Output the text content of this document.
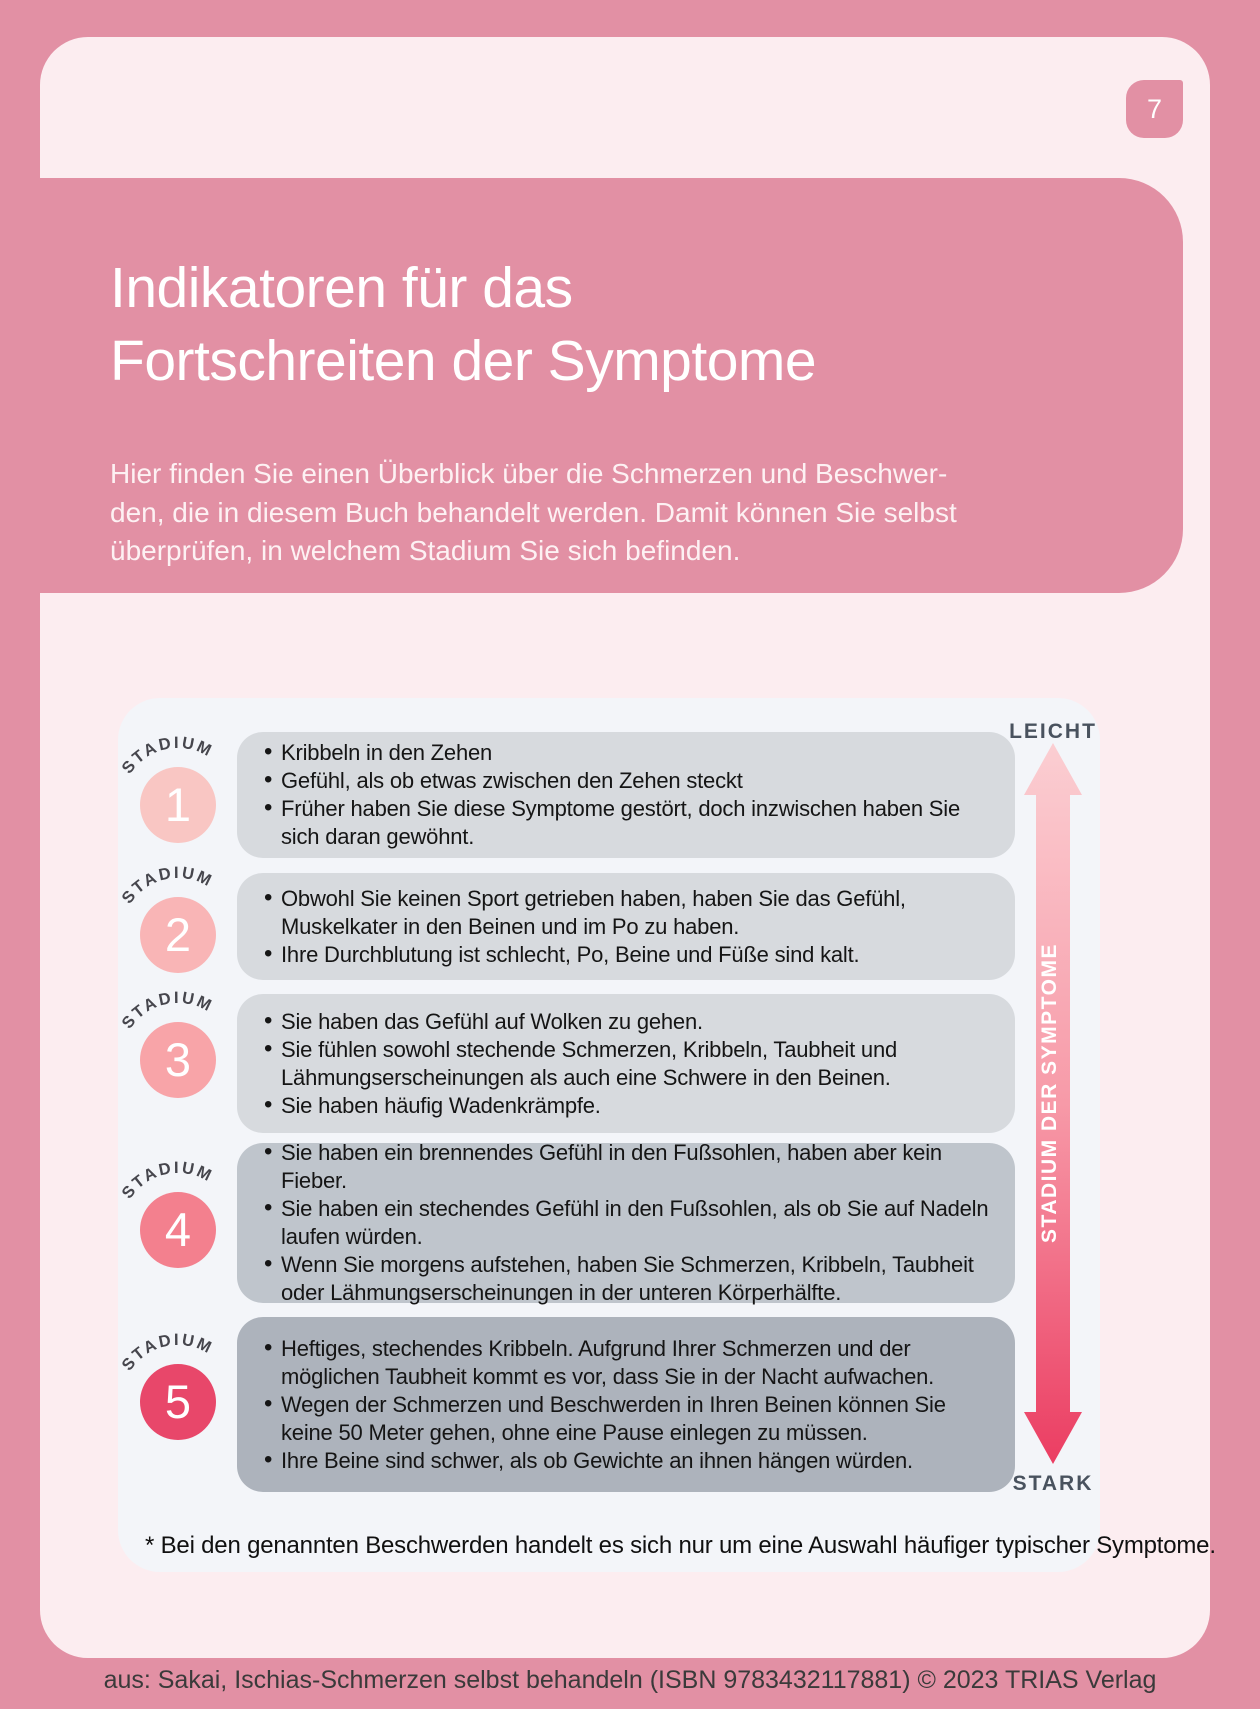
7
Indikatoren für das
Fortschreiten der Symptome
Hier finden Sie einen Überblick über die Schmerzen und Beschwer-
den, die in diesem Buch behandelt werden. Damit können Sie selbst
überprüfen, in welchem Stadium Sie sich befinden.
LEICHT
STADIUM DER SYMPTOME
STARK
STADIUM
1
STADIUM
2
STADIUM
3
STADIUM
4
STADIUM
5
• Kribbeln in den Zehen
• Gefühl, als ob etwas zwischen den Zehen steckt
• Früher haben Sie diese Symptome gestört, doch inzwischen haben Sie sich daran gewöhnt.
• Obwohl Sie keinen Sport getrieben haben, haben Sie das Gefühl, Muskelkater in den Beinen und im Po zu haben.
• Ihre Durchblutung ist schlecht, Po, Beine und Füße sind kalt.
• Sie haben das Gefühl auf Wolken zu gehen.
• Sie fühlen sowohl stechende Schmerzen, Kribbeln, Taubheit und Lähmungserscheinungen als auch eine Schwere in den Beinen.
• Sie haben häufig Wadenkrämpfe.
• Sie haben ein brennendes Gefühl in den Fußsohlen, haben aber kein Fieber.
• Sie haben ein stechendes Gefühl in den Fußsohlen, als ob Sie auf Nadeln laufen würden.
• Wenn Sie morgens aufstehen, haben Sie Schmerzen, Kribbeln, Taubheit oder Lähmungserscheinungen in der unteren Körperhälfte.
• Heftiges, stechendes Kribbeln. Aufgrund Ihrer Schmerzen und der möglichen Taubheit kommt es vor, dass Sie in der Nacht aufwachen.
• Wegen der Schmerzen und Beschwerden in Ihren Beinen können Sie keine 50 Meter gehen, ohne eine Pause einlegen zu müssen.
• Ihre Beine sind schwer, als ob Gewichte an ihnen hängen würden.
* Bei den genannten Beschwerden handelt es sich nur um eine Auswahl häufiger typischer Symptome.
aus: Sakai, Ischias-Schmerzen selbst behandeln (ISBN 9783432117881) © 2023 TRIAS Verlag
